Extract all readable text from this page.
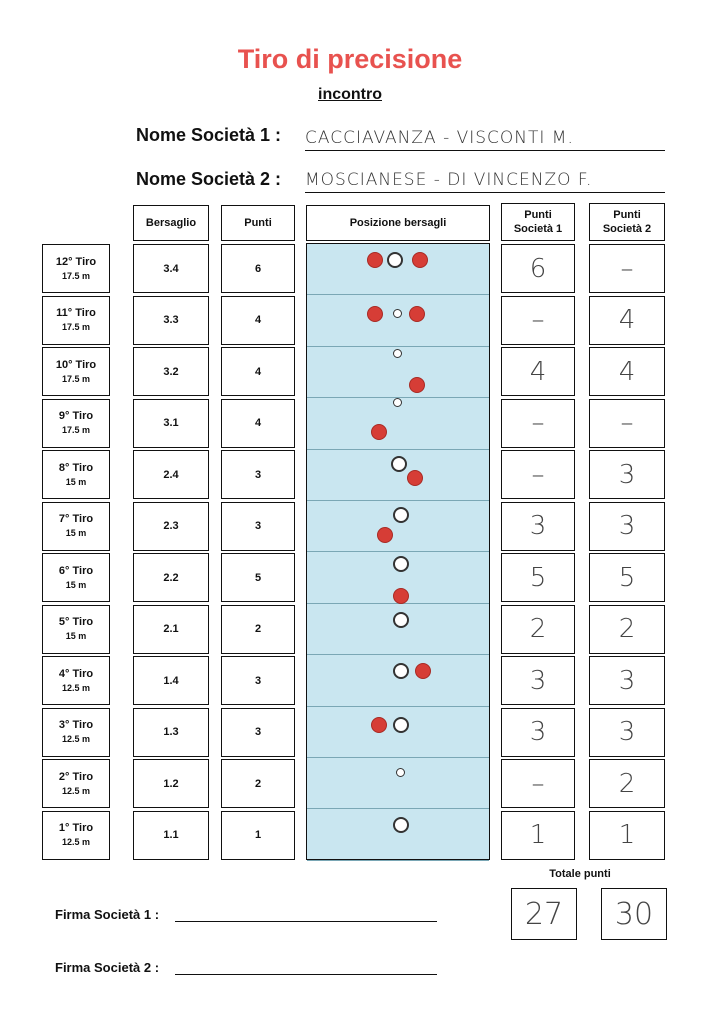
Tiro di precisione
incontro
Nome Società 1 : CACCIAVANZA - VISCONTI M.
Nome Società 2 : MOSCIANESE - DI VINCENZO F.
Bersaglio	Punti	Posizione bersagli
Punti Società 1
Punti Società 2
12° Tiro
17.5 m
3.4	6	6	–
11° Tiro
17.5 m
3.3	4	–	4
10° Tiro
17.5 m
3.2	4	4	4
9° Tiro
17.5 m
3.1	4	–	–
8° Tiro
15 m
2.4	3	–	3
7° Tiro
15 m
2.3	3	3	3
6° Tiro
15 m
2.2	5	5	5
5° Tiro
15 m
2.1	2	2	2
4° Tiro
12.5 m
1.4	3	3	3
3° Tiro
12.5 m
1.3	3	3	3
2° Tiro
12.5 m
1.2	2	–	2
1° Tiro
12.5 m
1.1	1	1	1
Totale punti
27	30
Firma Società 1 :
Firma Società 2 :
